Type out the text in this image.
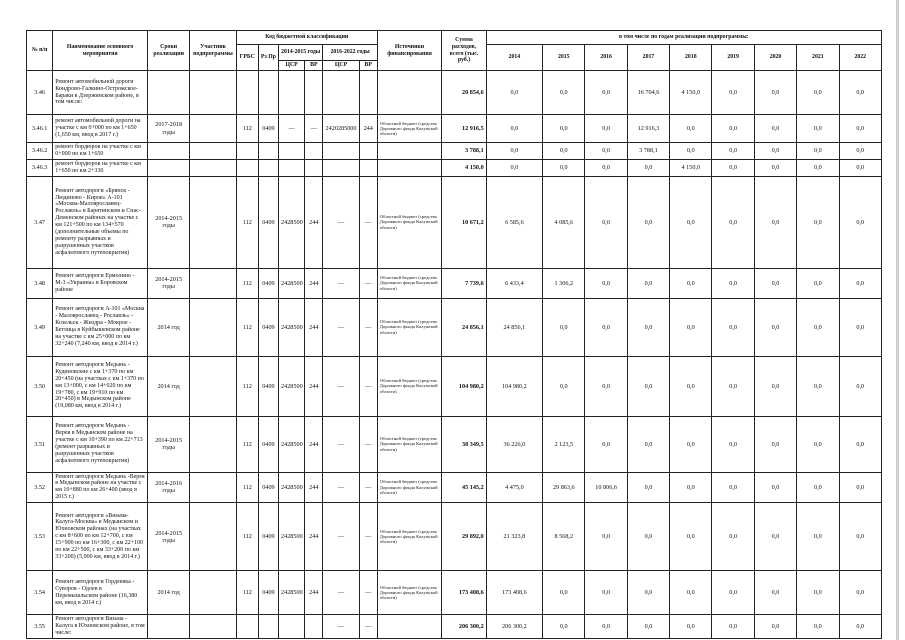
№ п/п	Наименование основного мероприятия	Сроки реализации	Участник подпрограммы	Код бюджетной классификации						Источники финансирования	Сумма расходов, всего (тыс. руб.)	в том числе по годам реализации подпрограммы:								
				ГРБС	Рз Пр	2014-2015 годы		2016-2022 годы				2014	2015	2016	2017	2018	2019	2020	2021	2022
						ЦСР	ВР	ЦСР	ВР											
3.46	Ремонт автомобильной дороги Кондрово-Галкино-Острожское-Бараки в Дзержинском районе, в том числе:										20 854,6	0,0	0,0	0,0	16 704,6	4 150,0	0,0	0,0	0,0	0,0
3.46.1	ремонт автомобильной дороги на участке с км 0+000 по км 1+650 (1,650 км, ввод в 2017 г.)	2017-2018 годы		112	0409	—	—	2420285000	244	Областной бюджет (средства Дорожного фонда Калужской области)	12 916,5	0,0	0,0	0,0	12 916,3	0,0	0,0	0,0	0,0	0,0
3.46.2	ремонт бордюров на участке с км 0+000 по км 1+650										3 788,1	0,0	0,0	0,0	3 788,1	0,0	0,0	0,0	0,0	0,0
3.46.3	ремонт бордюров на участке с км 1+650 по км 2+330										4 150,0	0,0	0,0	0,0	0,0	4 150,0	0,0	0,0	0,0	0,0
3.47	Ремонт автодороги «Брянск - Людиново - Киров» А-101 «Москва-Малоярославец-Рославль» в Барятинском и Спас-Деменском районах на участке с км 121+500 по км 134+570 (дополнительные объемы по ремонту разрывных и разрушенных участков асфальтового путепокрытия)	2014-2015 годы		112	0409	2428500	244	—	—	Областной бюджет (средства Дорожного фонда Калужской области)	10 671,2	6 585,6	4 085,6	0,0	0,0	0,0	0,0	0,0	0,0	0,0
3.48	Ремонт автодороги Ермолино - М-3 «Украина» в Боровском районе	2014-2015 годы		112	0409	2428500	244	—	—	Областной бюджет (средства Дорожного фонда Калужской области)	7 739,6	6 433,4	1 306,2	0,0	0,0	0,0	0,0	0,0	0,0	0,0
3.49	Ремонт автодороги А-101 «Москва - Малоярославец - Рославль» - Козельск - Жиздра - Мокрое - Бетлица в Куйбышевском районе на участке с км 25+000 по км 32+240 (7,240 км, ввод в 2014 г.)	2014 год		112	0409	2428500	244	—	—	Областной бюджет (средства Дорожного фонда Калужской области)	24 856,1	24 856,1	0,0	0,0	0,0	0,0	0,0	0,0	0,0	0,0
3.50	Ремонт автодороги Медынь - Кудиновские с км 1+370 по км 20+450 (на участках с км 1+370 по км 13+000, с км 14+020 по км 19+780, с км 19+910 по км 20+450) в Медынском районе (19,080 км, ввод в 2014 г.)	2014 год		112	0409	2428500	244	—	—	Областной бюджет (средства Дорожного фонда Калужской области)	104 980,2	104 980,2	0,0	0,0	0,0	0,0	0,0	0,0	0,0	0,0
3.51	Ремонт автодороги Медынь - Верея в Медынском районе на участке с км 10+390 по км 22+713 (ремонт разрывных и разрушенных участков асфальтового путепокрытия)	2014-2015 годы		112	0409	2428500	244	—	—	Областной бюджет (средства Дорожного фонда Калужской области)	38 349,5	36 226,0	2 123,5	0,0	0,0	0,0	0,0	0,0	0,0	0,0
3.52	Ремонт автодороги Медынь -Верея в Медынском районе на участке с км 10+880 по км 26+400 (ввод в 2015 г.)	2014-2016 годы		112	0409	2428500	244	—	—	Областной бюджет (средства Дорожного фонда Калужской области)	45 145,2	4 475,0	29 863,6	10 806,6	0,0	0,0	0,0	0,0	0,0	0,0
3.53	Ремонт автодороги «Вязьма-Калуга-Москва» в Медынском и Юхновском районах (на участках с км 8+600 по км 12+700, с км 15+900 по км 16+300, с км 22+100 по км 22+500, с км 33+200 по км 33+200) (5,900 км, ввод в 2014 г.)	2014-2015 годы		112	0409	2428500	244	—	—	Областной бюджет (средства Дорожного фонда Калужской области)	29 892,0	21 323,8	8 568,2	0,0	0,0	0,0	0,0	0,0	0,0	0,0
3.54	Ремонт автодороги Гордеевка - Суворов - Одоев в Перемышльском районе (16,380 км, ввод в 2014 г.)	2014 год		112	0409	2428500	244	—	—	Областной бюджет (средства Дорожного фонда Калужской области)	173 408,6	173 408,6	0,0	0,0	0,0	0,0	0,0	0,0	0,0	0,0
3.55	Ремонт автодороги Вязьма - Калуга в Юхновском районе, в том числе:							—	—		206 300,2	206 300,2	0,0	0,0	0,0	0,0	0,0	0,0	0,0	0,0
